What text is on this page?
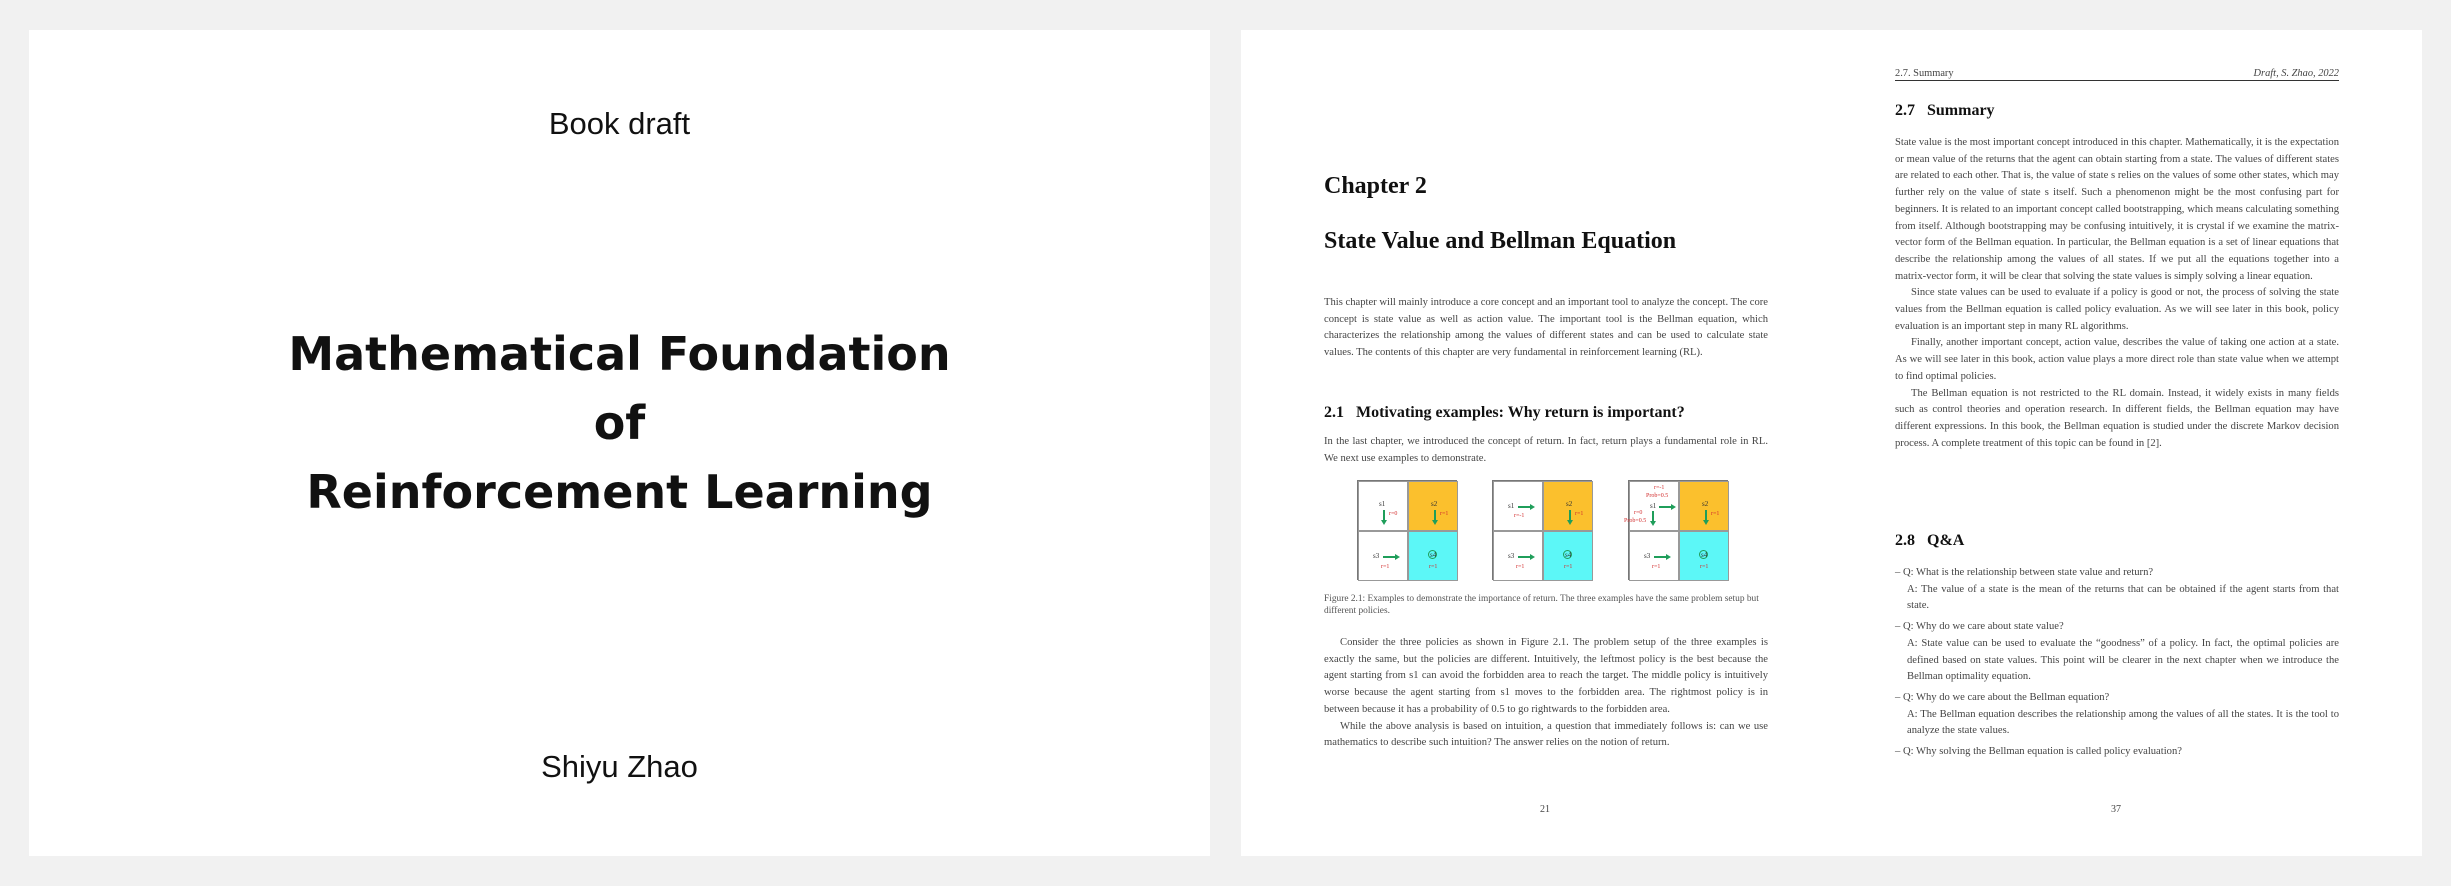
Book draft
Mathematical Foundation
of
Reinforcement Learning
Shiyu Zhao
Chapter 2
State Value and Bellman Equation

This chapter will mainly introduce a core concept and an important tool to analyze the concept. The core concept is state value as well as action value. The important tool is the Bellman equation, which characterizes the relationship among the values of different states and can be used to calculate state values. The contents of this chapter are very fundamental in reinforcement learning (RL).

2.1 Motivating examples: Why return is important?

In the last chapter, we introduced the concept of return. In fact, return plays a fundamental role in RL. We next use examples to demonstrate.

s1
r=0
s2
r=1
s3
r=1
s4
r=1
s1
r=-1
s2
r=1
s3
r=1
s4
r=1
r=-1
Prob=0.5
s1
r=0
Prob=0.5
s2
r=1
s3
r=1
s4
r=1

Figure 2.1: Examples to demonstrate the importance of return. The three examples have the same problem setup but different policies.

Consider the three policies as shown in Figure 2.1. The problem setup of the three examples is exactly the same, but the policies are different. Intuitively, the leftmost policy is the best because the agent starting from s1 can avoid the forbidden area to reach the target. The middle policy is intuitively worse because the agent starting from s1 moves to the forbidden area. The rightmost policy is in between because it has a probability of 0.5 to go rightwards to the forbidden area.

While the above analysis is based on intuition, a question that immediately follows is: can we use mathematics to describe such intuition? The answer relies on the notion of return.

21
2.7. Summary	Draft, S. Zhao, 2022
2.7 Summary

State value is the most important concept introduced in this chapter. Mathematically, it is the expectation or mean value of the returns that the agent can obtain starting from a state. The values of different states are related to each other. That is, the value of state s relies on the values of some other states, which may further rely on the value of state s itself. Such a phenomenon might be the most confusing part for beginners. It is related to an important concept called bootstrapping, which means calculating something from itself. Although bootstrapping may be confusing intuitively, it is crystal if we examine the matrix-vector form of the Bellman equation. In particular, the Bellman equation is a set of linear equations that describe the relationship among the values of all states. If we put all the equations together into a matrix-vector form, it will be clear that solving the state values is simply solving a linear equation.

Since state values can be used to evaluate if a policy is good or not, the process of solving the state values from the Bellman equation is called policy evaluation. As we will see later in this book, policy evaluation is an important step in many RL algorithms.

Finally, another important concept, action value, describes the value of taking one action at a state. As we will see later in this book, action value plays a more direct role than state value when we attempt to find optimal policies.

The Bellman equation is not restricted to the RL domain. Instead, it widely exists in many fields such as control theories and operation research. In different fields, the Bellman equation may have different expressions. In this book, the Bellman equation is studied under the discrete Markov decision process. A complete treatment of this topic can be found in [2].

2.8 Q&A

– Q: What is the relationship between state value and return?

A: The value of a state is the mean of the returns that can be obtained if the agent starts from that state.

– Q: Why do we care about state value?

A: State value can be used to evaluate the “goodness” of a policy. In fact, the optimal policies are defined based on state values. This point will be clearer in the next chapter when we introduce the Bellman optimality equation.

– Q: Why do we care about the Bellman equation?

A: The Bellman equation describes the relationship among the values of all the states. It is the tool to analyze the state values.

– Q: Why solving the Bellman equation is called policy evaluation?

37
